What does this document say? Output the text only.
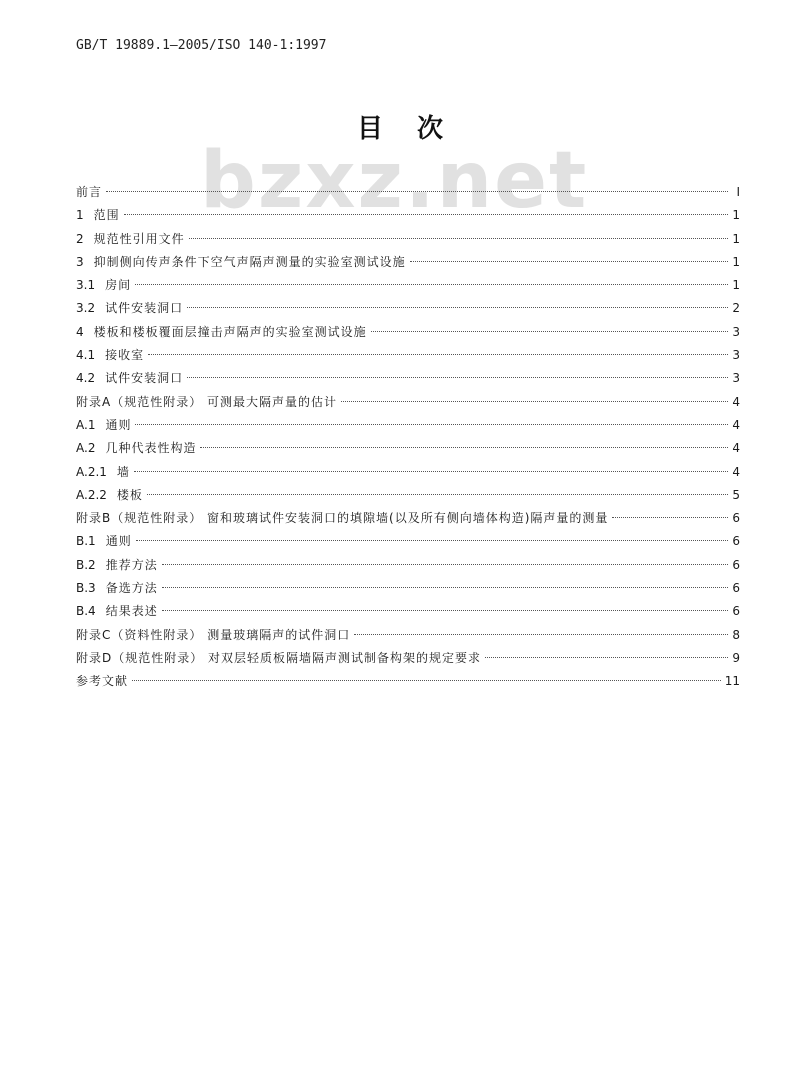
GB/T 19889.1—2005/ISO 140-1:1997
目次
bzxz.net
前言	Ⅰ
1 范围	1
2 规范性引用文件	1
3 抑制侧向传声条件下空气声隔声测量的实验室测试设施	1
3.1 房间	1
3.2 试件安装洞口	2
4 楼板和楼板覆面层撞击声隔声的实验室测试设施	3
4.1 接收室	3
4.2 试件安装洞口	3
附录A（规范性附录） 可测最大隔声量的估计	4
A.1 通则	4
A.2 几种代表性构造	4
A.2.1 墙	4
A.2.2 楼板	5
附录B（规范性附录） 窗和玻璃试件安装洞口的填隙墙(以及所有侧向墙体构造)隔声量的测量	6
B.1 通则	6
B.2 推荐方法	6
B.3 备选方法	6
B.4 结果表述	6
附录C（资料性附录） 测量玻璃隔声的试件洞口	8
附录D（规范性附录） 对双层轻质板隔墙隔声测试制备构架的规定要求	9
参考文献	11
